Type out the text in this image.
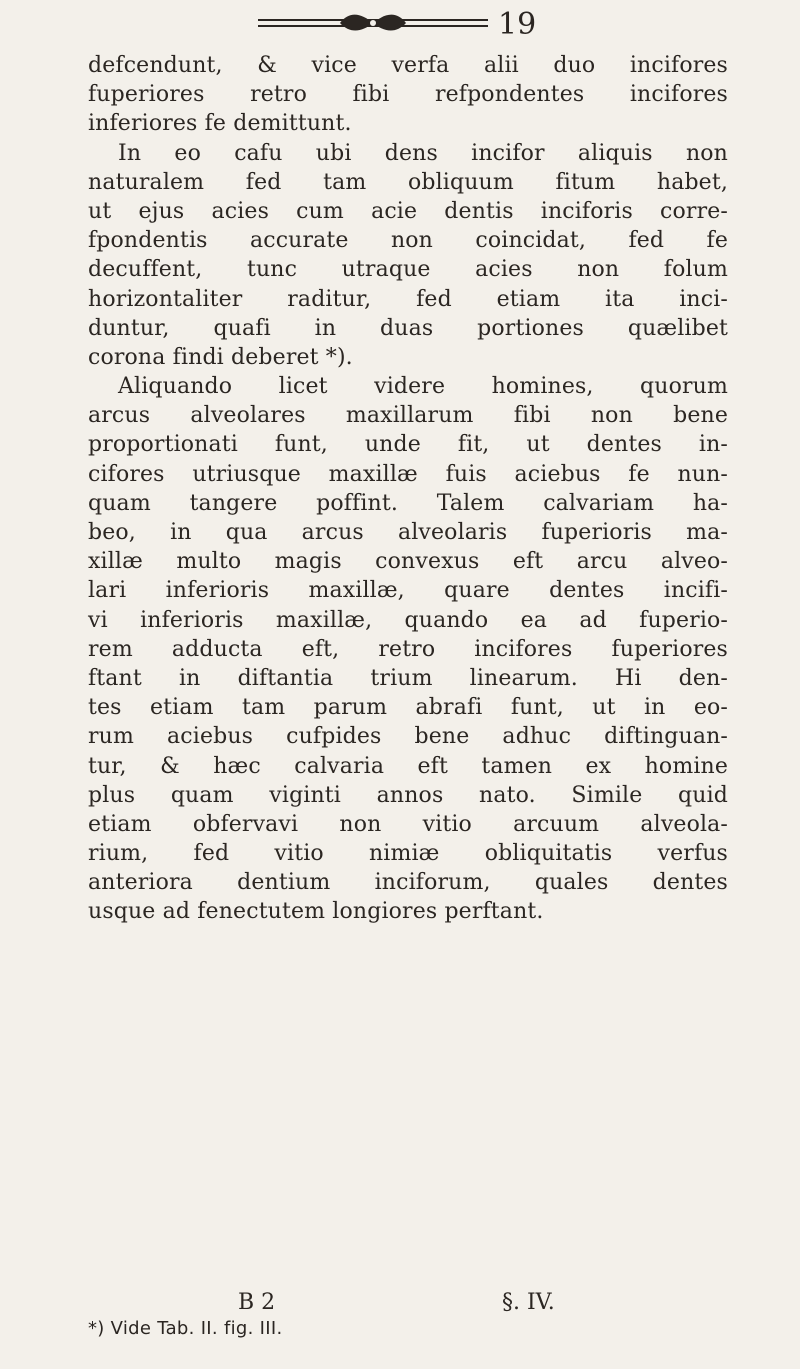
19
defcendunt, & vice verfa alii duo incifores
fuperiores retro fibi refpondentes incifores
inferiores fe demittunt.
In eo cafu ubi dens incifor aliquis non
naturalem fed tam obliquum fitum habet,
ut ejus acies cum acie dentis inciforis corre-
fpondentis accurate non coincidat, fed fe
decuffent, tunc utraque acies non folum
horizontaliter raditur, fed etiam ita inci-
duntur, quafi in duas portiones quælibet
corona findi deberet *).
Aliquando licet videre homines, quorum
arcus alveolares maxillarum fibi non bene
proportionati funt, unde fit, ut dentes in-
cifores utriusque maxillæ fuis aciebus fe nun-
quam tangere poffint. Talem calvariam ha-
beo, in qua arcus alveolaris fuperioris ma-
xillæ multo magis convexus eft arcu alveo-
lari inferioris maxillæ, quare dentes incifi-
vi inferioris maxillæ, quando ea ad fuperio-
rem adducta eft, retro incifores fuperiores
ftant in diftantia trium linearum. Hi den-
tes etiam tam parum abrafi funt, ut in eo-
rum aciebus cufpides bene adhuc diftinguan-
tur, & hæc calvaria eft tamen ex homine
plus quam viginti annos nato. Simile quid
etiam obfervavi non vitio arcuum alveola-
rium, fed vitio nimiæ obliquitatis verfus
anteriora dentium inciforum, quales dentes
usque ad fenectutem longiores perftant.
B 2	§. IV.
*) Vide Tab. II. fig. III.
